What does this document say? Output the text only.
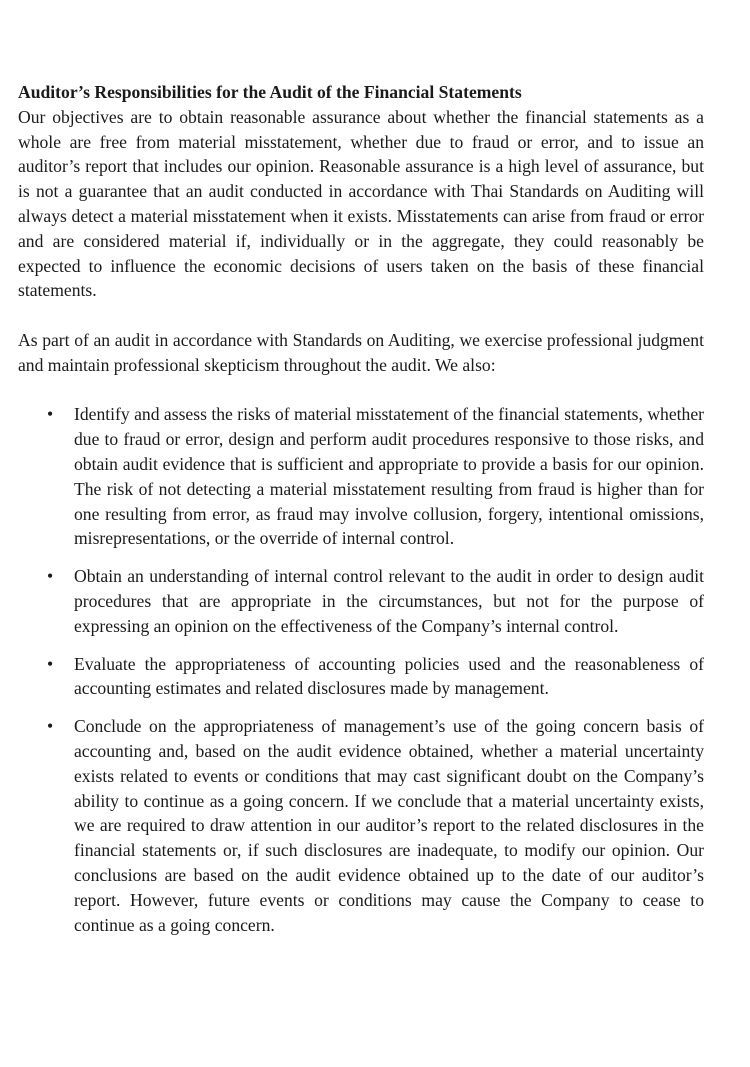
Auditor’s Responsibilities for the Audit of the Financial Statements

Our objectives are to obtain reasonable assurance about whether the financial statements as a whole are free from material misstatement, whether due to fraud or error, and to issue an auditor’s report that includes our opinion. Reasonable assurance is a high level of assurance, but is not a guarantee that an audit conducted in accordance with Thai Standards on Auditing will always detect a material misstatement when it exists. Misstatements can arise from fraud or error and are considered material if, individually or in the aggregate, they could reasonably be expected to influence the economic decisions of users taken on the basis of these financial statements.

As part of an audit in accordance with Standards on Auditing, we exercise professional judgment and maintain professional skepticism throughout the audit. We also:

• Identify and assess the risks of material misstatement of the financial statements, whether due to fraud or error, design and perform audit procedures responsive to those risks, and obtain audit evidence that is sufficient and appropriate to provide a basis for our opinion. The risk of not detecting a material misstatement resulting from fraud is higher than for one resulting from error, as fraud may involve collusion, forgery, intentional omissions, misrepresentations, or the override of internal control.

• Obtain an understanding of internal control relevant to the audit in order to design audit procedures that are appropriate in the circumstances, but not for the purpose of expressing an opinion on the effectiveness of the Company’s internal control.

• Evaluate the appropriateness of accounting policies used and the reasonableness of accounting estimates and related disclosures made by management.

• Conclude on the appropriateness of management’s use of the going concern basis of accounting and, based on the audit evidence obtained, whether a material uncertainty exists related to events or conditions that may cast significant doubt on the Company’s ability to continue as a going concern. If we conclude that a material uncertainty exists, we are required to draw attention in our auditor’s report to the related disclosures in the financial statements or, if such disclosures are inadequate, to modify our opinion. Our conclusions are based on the audit evidence obtained up to the date of our auditor’s report. However, future events or conditions may cause the Company to cease to continue as a going concern.
